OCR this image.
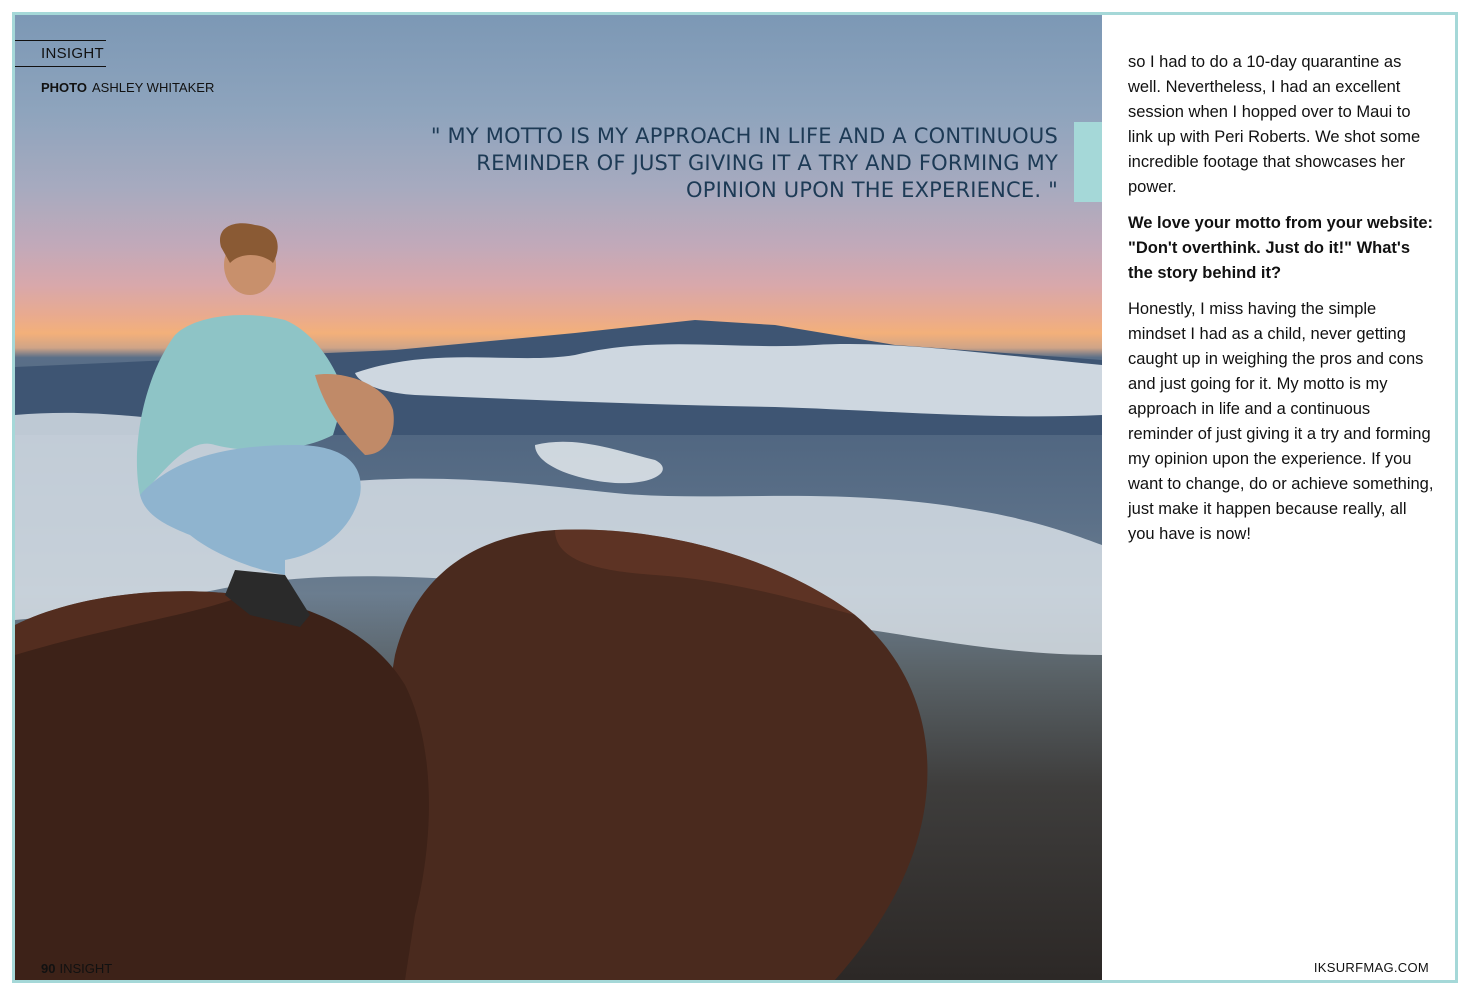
INSIGHT
PHOTO ASHLEY WHITAKER
" MY MOTTO IS MY APPROACH IN LIFE AND A CONTINUOUS REMINDER OF JUST GIVING IT A TRY AND FORMING MY OPINION UPON THE EXPERIENCE. "
90 INSIGHT

so I had to do a 10-day quarantine as well. Nevertheless, I had an excellent session when I hopped over to Maui to link up with Peri Roberts. We shot some incredible footage that showcases her power.

We love your motto from your website: "Don't overthink. Just do it!" What's the story behind it?

Honestly, I miss having the simple mindset I had as a child, never getting caught up in weighing the pros and cons and just going for it. My motto is my approach in life and a continuous reminder of just giving it a try and forming my opinion upon the experience. If you want to change, do or achieve something, just make it happen because really, all you have is now!

IKSURFMAG.COM
